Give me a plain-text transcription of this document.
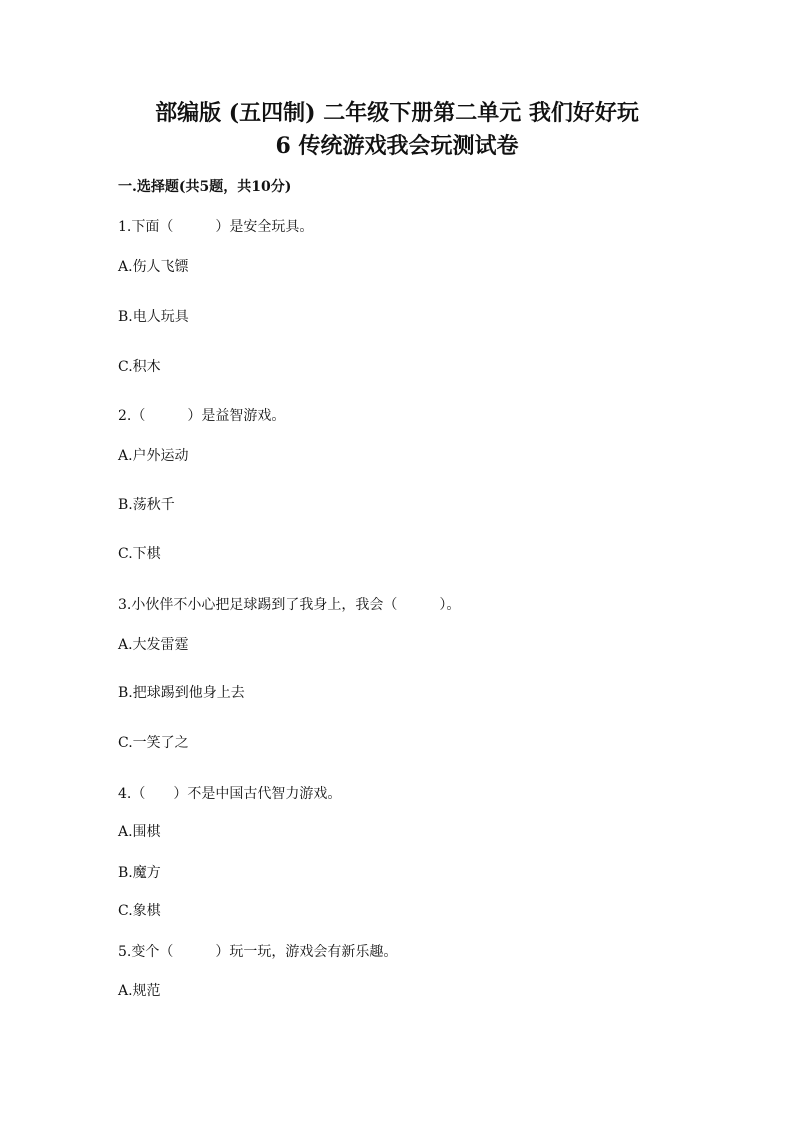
部编版 (五四制) 二年级下册第二单元 我们好好玩
6 传统游戏我会玩测试卷
一.选择题(共5题，共10分)
1.下面（　　　）是安全玩具。
A.伤人飞镖
B.电人玩具
C.积木
2.（　　　）是益智游戏。
A.户外运动
B.荡秋千
C.下棋
3.小伙伴不小心把足球踢到了我身上，我会（　　　）。
A.大发雷霆
B.把球踢到他身上去
C.一笑了之
4.（　　）不是中国古代智力游戏。
A.围棋
B.魔方
C.象棋
5.变个（　　　）玩一玩，游戏会有新乐趣。
A.规范
